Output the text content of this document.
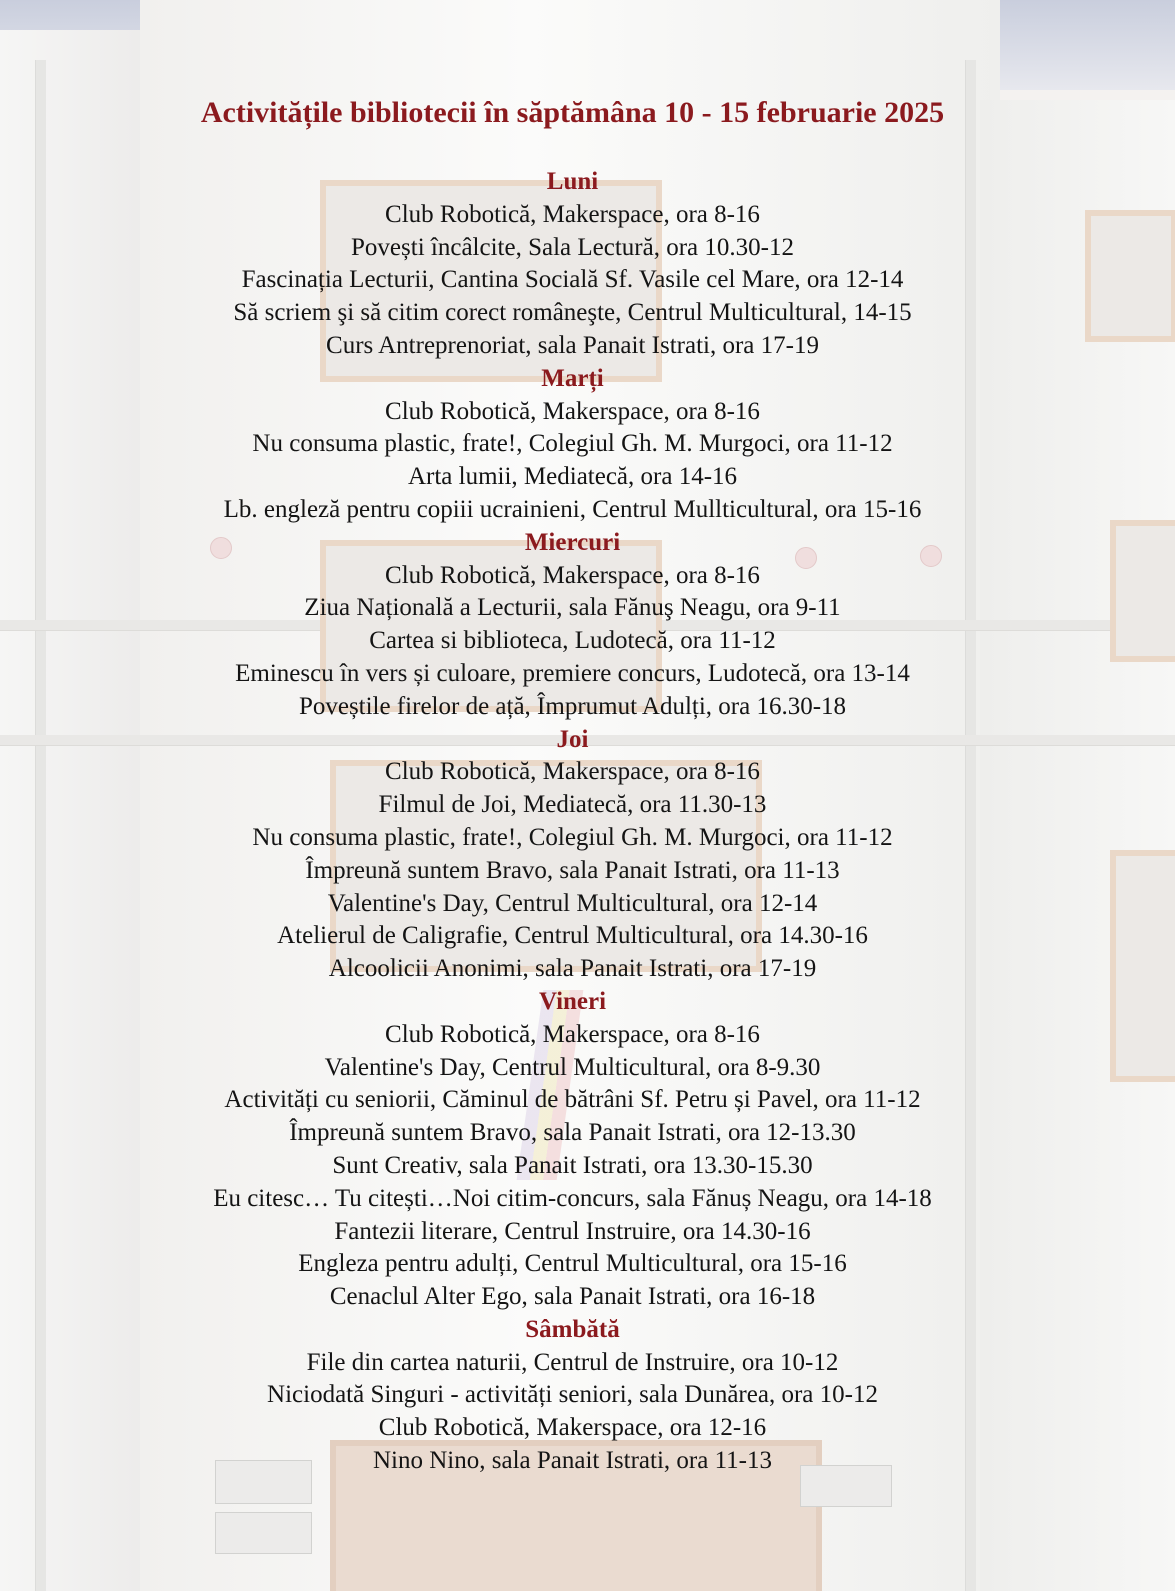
Activitățile bibliotecii în săptămâna 10 - 15 februarie 2025

Luni

Club Robotică, Makerspace, ora 8-16

Povești încâlcite, Sala Lectură, ora 10.30-12

Fascinația Lecturii, Cantina Socială Sf. Vasile cel Mare, ora 12-14

Să scriem şi să citim corect româneşte, Centrul Multicultural, 14-15

Curs Antreprenoriat, sala Panait Istrati, ora 17-19

Marți

Club Robotică, Makerspace, ora 8-16

Nu consuma plastic, frate!, Colegiul Gh. M. Murgoci, ora 11-12

Arta lumii, Mediatecă, ora 14-16

Lb. engleză pentru copiii ucrainieni, Centrul Mullticultural, ora 15-16

Miercuri

Club Robotică, Makerspace, ora 8-16

Ziua Națională a Lecturii, sala Fănuş Neagu, ora 9-11

Cartea si biblioteca, Ludotecă, ora 11-12

Eminescu în vers și culoare, premiere concurs, Ludotecă, ora 13-14

Poveștile firelor de ață, Împrumut Adulți, ora 16.30-18

Joi

Club Robotică, Makerspace, ora 8-16

Filmul de Joi, Mediatecă, ora 11.30-13

Nu consuma plastic, frate!, Colegiul Gh. M. Murgoci, ora 11-12

Împreună suntem Bravo, sala Panait Istrati, ora 11-13

Valentine's Day, Centrul Multicultural, ora 12-14

Atelierul de Caligrafie, Centrul Multicultural, ora 14.30-16

Alcoolicii Anonimi, sala Panait Istrati, ora 17-19

Vineri

Club Robotică, Makerspace, ora 8-16

Valentine's Day, Centrul Multicultural, ora 8-9.30

Activități cu seniorii, Căminul de bătrâni Sf. Petru și Pavel, ora 11-12

Împreună suntem Bravo, sala Panait Istrati, ora 12-13.30

Sunt Creativ, sala Panait Istrati, ora 13.30-15.30

Eu citesc… Tu citești…Noi citim-concurs, sala Fănuș Neagu, ora 14-18

Fantezii literare, Centrul Instruire, ora 14.30-16

Engleza pentru adulți, Centrul Multicultural, ora 15-16

Cenaclul Alter Ego, sala Panait Istrati, ora 16-18

Sâmbătă

File din cartea naturii, Centrul de Instruire, ora 10-12

Niciodată Singuri - activități seniori, sala Dunărea, ora 10-12

Club Robotică, Makerspace, ora 12-16

Nino Nino, sala Panait Istrati, ora 11-13
